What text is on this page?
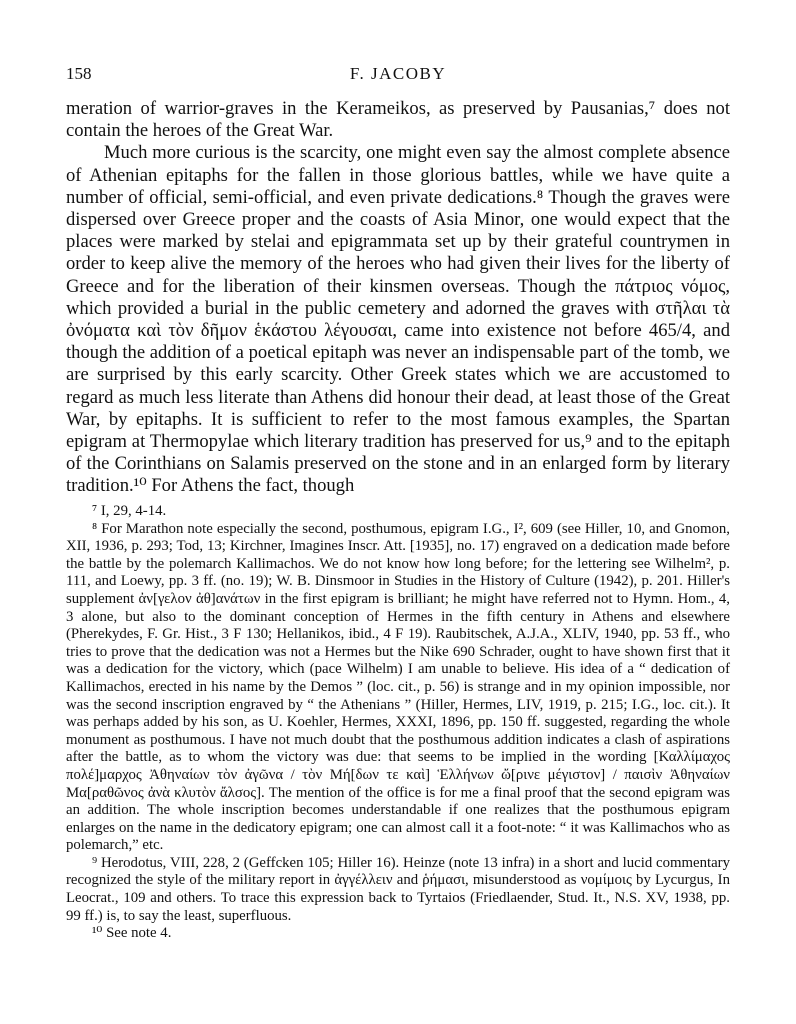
158	F. JACOBY

meration of warrior-graves in the Kerameikos, as preserved by Pausanias,⁷ does not contain the heroes of the Great War.

Much more curious is the scarcity, one might even say the almost complete absence of Athenian epitaphs for the fallen in those glorious battles, while we have quite a number of official, semi-official, and even private dedications.⁸ Though the graves were dispersed over Greece proper and the coasts of Asia Minor, one would expect that the places were marked by stelai and epigrammata set up by their grateful countrymen in order to keep alive the memory of the heroes who had given their lives for the liberty of Greece and for the liberation of their kinsmen overseas. Though the πάτριος νόμος, which provided a burial in the public cemetery and adorned the graves with στῆλαι τὰ ὀνόματα καὶ τὸν δῆμον ἑκάστου λέγουσαι, came into existence not before 465/4, and though the addition of a poetical epitaph was never an indispensable part of the tomb, we are surprised by this early scarcity. Other Greek states which we are accustomed to regard as much less literate than Athens did honour their dead, at least those of the Great War, by epitaphs. It is sufficient to refer to the most famous examples, the Spartan epigram at Thermopylae which literary tradition has preserved for us,⁹ and to the epitaph of the Corinthians on Salamis preserved on the stone and in an enlarged form by literary tradition.¹⁰ For Athens the fact, though

⁷ I, 29, 4-14.

⁸ For Marathon note especially the second, posthumous, epigram I.G., I², 609 (see Hiller, 10, and Gnomon, XII, 1936, p. 293; Tod, 13; Kirchner, Imagines Inscr. Att. [1935], no. 17) engraved on a dedication made before the battle by the polemarch Kallimachos. We do not know how long before; for the lettering see Wilhelm², p. 111, and Loewy, pp. 3 ff. (no. 19); W. B. Dinsmoor in Studies in the History of Culture (1942), p. 201. Hiller's supplement ἀν[γελον ἀθ]ανάτων in the first epigram is brilliant; he might have referred not to Hymn. Hom., 4, 3 alone, but also to the dominant conception of Hermes in the fifth century in Athens and elsewhere (Pherekydes, F. Gr. Hist., 3 F 130; Hellanikos, ibid., 4 F 19). Raubitschek, A.J.A., XLIV, 1940, pp. 53 ff., who tries to prove that the dedication was not a Hermes but the Nike 690 Schrader, ought to have shown first that it was a dedication for the victory, which (pace Wilhelm) I am unable to believe. His idea of a “ dedication of Kallimachos, erected in his name by the Demos ” (loc. cit., p. 56) is strange and in my opinion impossible, nor was the second inscription engraved by “ the Athenians ” (Hiller, Hermes, LIV, 1919, p. 215; I.G., loc. cit.). It was perhaps added by his son, as U. Koehler, Hermes, XXXI, 1896, pp. 150 ff. suggested, regarding the whole monument as posthumous. I have not much doubt that the posthumous addition indicates a clash of aspirations after the battle, as to whom the victory was due: that seems to be implied in the wording [Καλλίμαχος πολέ]μαρχος Ἀθηναίων τὸν ἀγῶνα / τὸν Μή[δων τε καὶ] Ἑλλήνων ὤ[ρινε μέγιστον] / παισὶν Ἀθηναίων Μα[ραθῶνος ἀνὰ κλυτὸν ἄλσος]. The mention of the office is for me a final proof that the second epigram was an addition. The whole inscription becomes understandable if one realizes that the posthumous epigram enlarges on the name in the dedicatory epigram; one can almost call it a foot-note: “ it was Kallimachos who as polemarch,” etc.

⁹ Herodotus, VIII, 228, 2 (Geffcken 105; Hiller 16). Heinze (note 13 infra) in a short and lucid commentary recognized the style of the military report in ἀγγέλλειν and ῥήμασι, misunderstood as νομίμοις by Lycurgus, In Leocrat., 109 and others. To trace this expression back to Tyrtaios (Friedlaender, Stud. It., N.S. XV, 1938, pp. 99 ff.) is, to say the least, superfluous.

¹⁰ See note 4.
